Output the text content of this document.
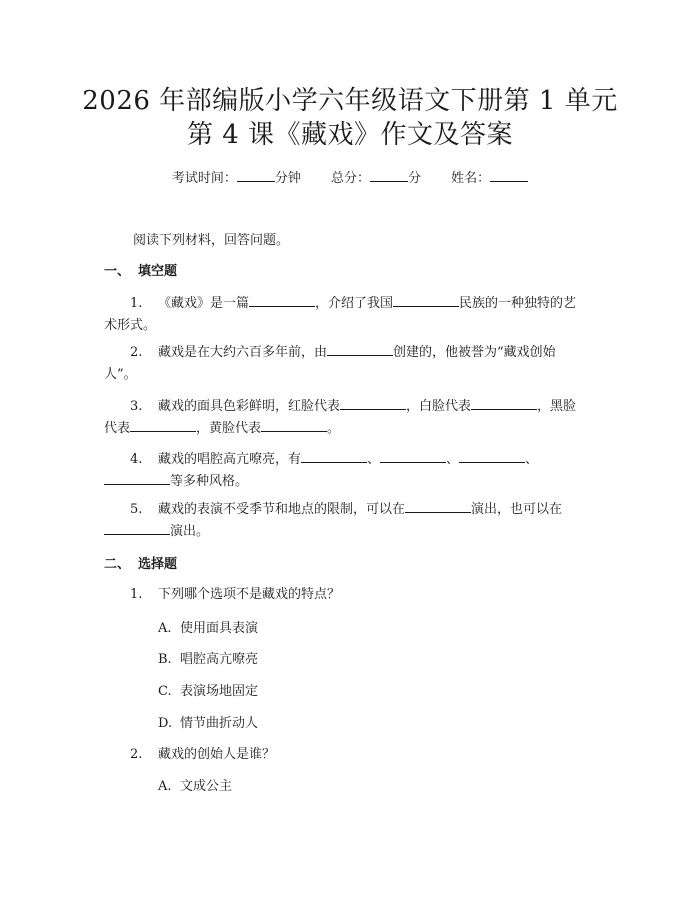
2026 年部编版小学六年级语文下册第 1 单元
第 4 课《藏戏》作文及答案
考试时间：	分钟 总分：	分 姓名：
阅读下列材料，回答问题。
一、 填空题
1. 《藏戏》是一篇	，介绍了我国	民族的一种独特的艺术形式。
2. 藏戏是在大约六百多年前，由	创建的，他被誉为“藏戏创始人”。
3. 藏戏的面具色彩鲜明，红脸代表	，白脸代表	，黑脸代表	，黄脸代表	。
4. 藏戏的唱腔高亢嘹亮，有	、	、	、等多种风格。
5. 藏戏的表演不受季节和地点的限制，可以在	演出，也可以在演出。
二、 选择题
1. 下列哪个选项不是藏戏的特点？
A. 使用面具表演
B. 唱腔高亢嘹亮
C. 表演场地固定
D. 情节曲折动人
2. 藏戏的创始人是谁？
A. 文成公主
